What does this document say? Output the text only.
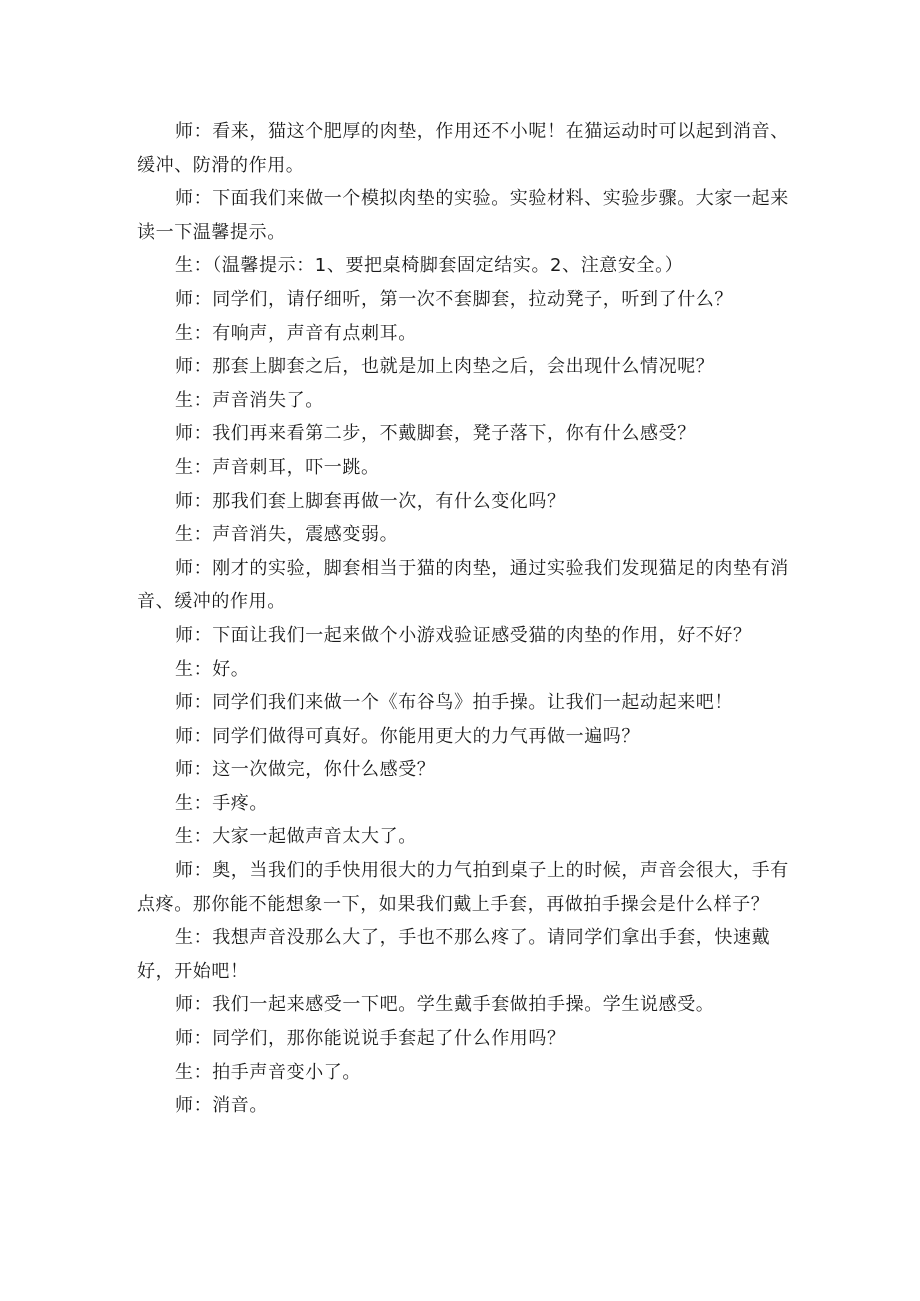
师：看来，猫这个肥厚的肉垫，作用还不小呢！在猫运动时可以起到消音、缓冲、防滑的作用。

师：下面我们来做一个模拟肉垫的实验。实验材料、实验步骤。大家一起来读一下温馨提示。

生：（温馨提示：1、要把桌椅脚套固定结实。2、注意安全。）

师：同学们，请仔细听，第一次不套脚套，拉动凳子，听到了什么？

生：有响声，声音有点刺耳。

师：那套上脚套之后，也就是加上肉垫之后，会出现什么情况呢？

生：声音消失了。

师：我们再来看第二步，不戴脚套，凳子落下，你有什么感受？

生：声音刺耳，吓一跳。

师：那我们套上脚套再做一次，有什么变化吗？

生：声音消失，震感变弱。

师：刚才的实验，脚套相当于猫的肉垫，通过实验我们发现猫足的肉垫有消音、缓冲的作用。

师：下面让我们一起来做个小游戏验证感受猫的肉垫的作用，好不好？

生：好。

师：同学们我们来做一个《布谷鸟》拍手操。让我们一起动起来吧！

师：同学们做得可真好。你能用更大的力气再做一遍吗？

师：这一次做完，你什么感受？

生：手疼。

生：大家一起做声音太大了。

师：奥，当我们的手快用很大的力气拍到桌子上的时候，声音会很大，手有点疼。那你能不能想象一下，如果我们戴上手套，再做拍手操会是什么样子？

生：我想声音没那么大了，手也不那么疼了。请同学们拿出手套，快速戴好，开始吧！

师：我们一起来感受一下吧。学生戴手套做拍手操。学生说感受。

师：同学们，那你能说说手套起了什么作用吗？

生：拍手声音变小了。

师：消音。
